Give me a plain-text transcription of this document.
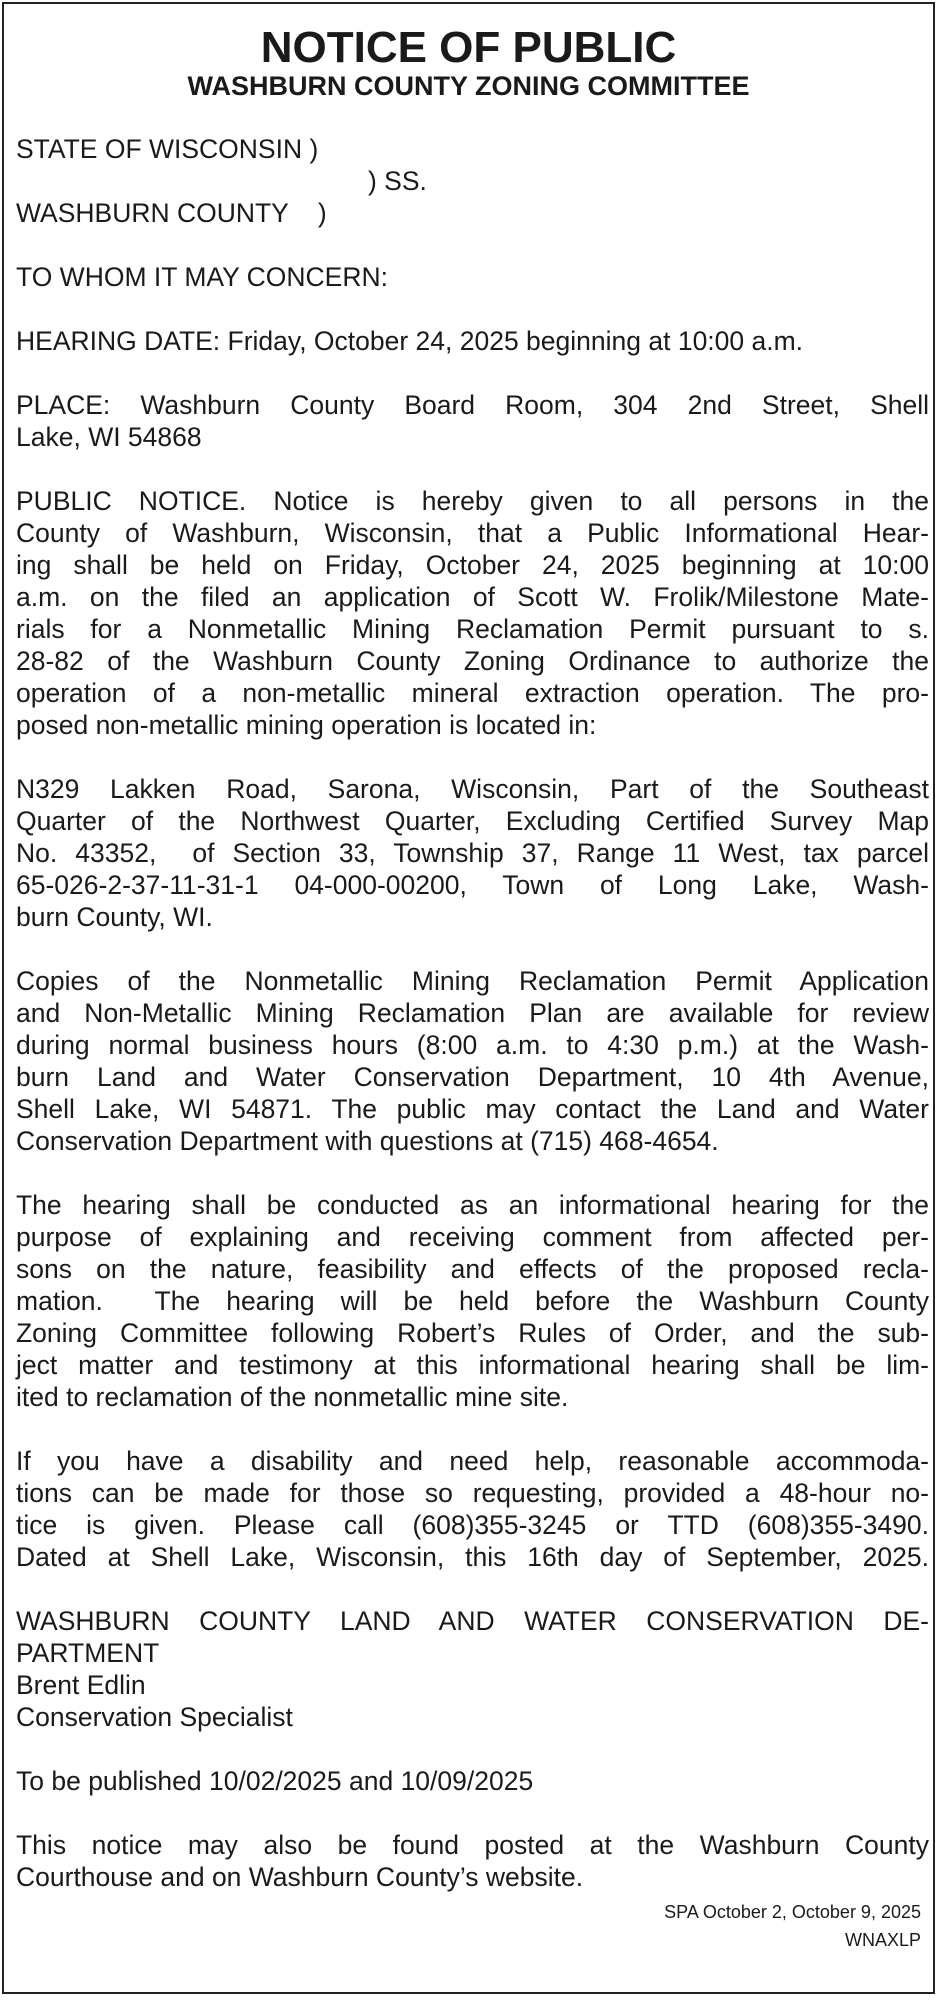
NOTICE OF PUBLIC
WASHBURN COUNTY ZONING COMMITTEE
STATE OF WISCONSIN )
) SS.
WASHBURN COUNTY    )
TO WHOM IT MAY CONCERN:
HEARING DATE: Friday, October 24, 2025 beginning at 10:00 a.m.
PLACE: Washburn County Board Room, 304 2nd Street, Shell
Lake, WI 54868
PUBLIC NOTICE. Notice is hereby given to all persons in the
County of Washburn, Wisconsin, that a Public Informational Hear-
ing shall be held on Friday, October 24, 2025 beginning at 10:00
a.m. on the filed an application of Scott W. Frolik/Milestone Mate-
rials for a Nonmetallic Mining Reclamation Permit pursuant to s.
28-82 of the Washburn County Zoning Ordinance to authorize the
operation of a non-metallic mineral extraction operation. The pro-
posed non-metallic mining operation is located in:
N329 Lakken Road, Sarona, Wisconsin, Part of the Southeast
Quarter of the Northwest Quarter, Excluding Certified Survey Map
No. 43352,  of Section 33, Township 37, Range 11 West, tax parcel
65-026-2-37-11-31-1 04-000-00200, Town of Long Lake, Wash-
burn County, WI.
Copies of the Nonmetallic Mining Reclamation Permit Application
and Non-Metallic Mining Reclamation Plan are available for review
during normal business hours (8:00 a.m. to 4:30 p.m.) at the Wash-
burn Land and Water Conservation Department, 10 4th Avenue,
Shell Lake, WI 54871. The public may contact the Land and Water
Conservation Department with questions at (715) 468-4654.
The hearing shall be conducted as an informational hearing for the
purpose of explaining and receiving comment from affected per-
sons on the nature, feasibility and effects of the proposed recla-
mation.  The hearing will be held before the Washburn County
Zoning Committee following Robert’s Rules of Order, and the sub-
ject matter and testimony at this informational hearing shall be lim-
ited to reclamation of the nonmetallic mine site.
If you have a disability and need help, reasonable accommoda-
tions can be made for those so requesting, provided a 48-hour no-
tice is given. Please call (608)355-3245 or TTD (608)355-3490.
Dated at Shell Lake, Wisconsin, this 16th day of September, 2025.
WASHBURN COUNTY LAND AND WATER CONSERVATION DE-
PARTMENT
Brent Edlin
Conservation Specialist
To be published 10/02/2025 and 10/09/2025
This notice may also be found posted at the Washburn County
Courthouse and on Washburn County’s website.
SPA October 2, October 9, 2025
WNAXLP
